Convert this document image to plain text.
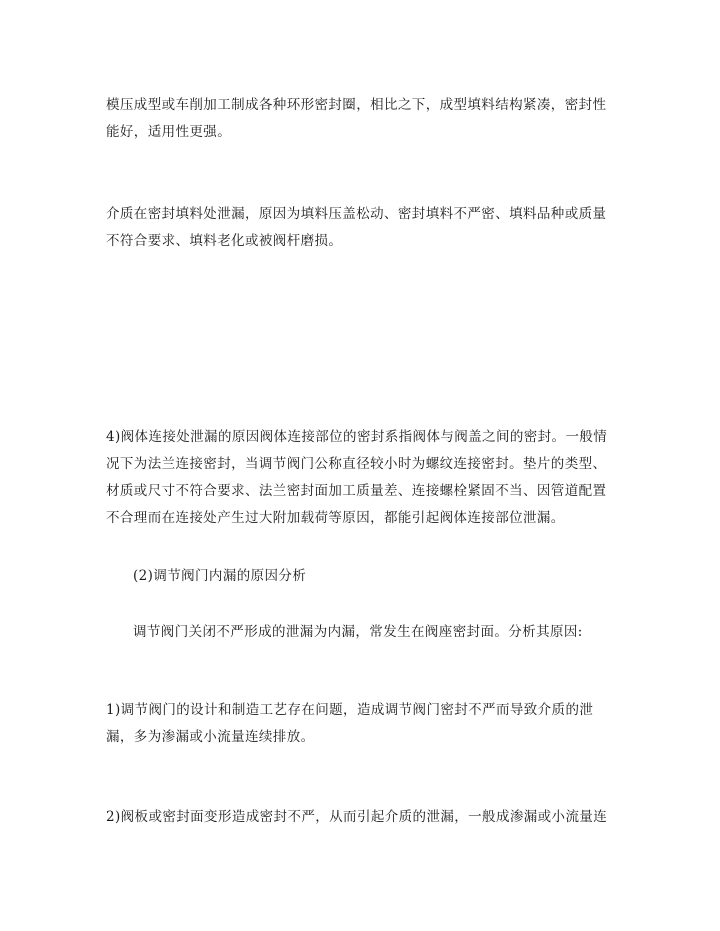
模压成型或车削加工制成各种环形密封圈，相比之下，成型填料结构紧凑，密封性能好，适用性更强。

介质在密封填料处泄漏，原因为填料压盖松动、密封填料不严密、填料品种或质量不符合要求、填料老化或被阀杆磨损。

4)阀体连接处泄漏的原因阀体连接部位的密封系指阀体与阀盖之间的密封。一般情况下为法兰连接密封，当调节阀门公称直径较小时为螺纹连接密封。垫片的类型、材质或尺寸不符合要求、法兰密封面加工质量差、连接螺栓紧固不当、因管道配置不合理而在连接处产生过大附加载荷等原因，都能引起阀体连接部位泄漏。

(2)调节阀门内漏的原因分析

调节阀门关闭不严形成的泄漏为内漏，常发生在阀座密封面。分析其原因:

1)调节阀门的设计和制造工艺存在问题，造成调节阀门密封不严而导致介质的泄漏，多为渗漏或小流量连续排放。

2)阀板或密封面变形造成密封不严，从而引起介质的泄漏，一般成渗漏或小流量连
